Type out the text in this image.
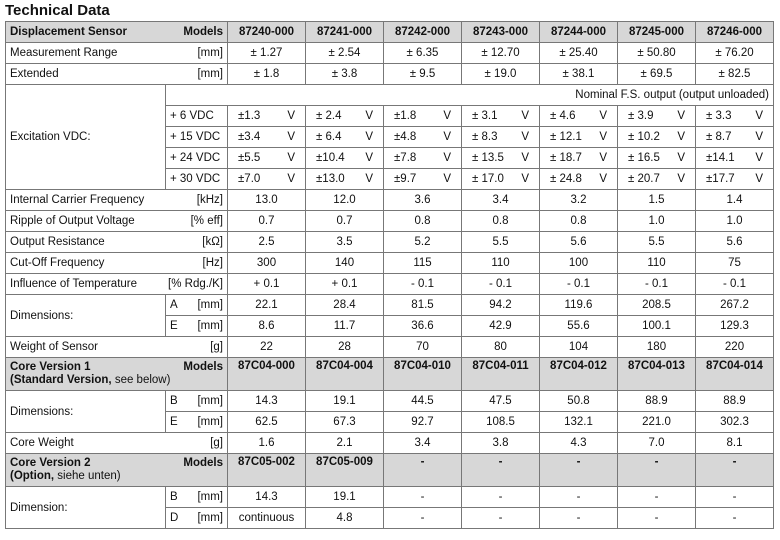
Technical Data
Displacement Sensor Models		87240-000	87241-000	87242-000	87243-000	87244-000	87245-000	87246-000

Measurement Range [mm]		± 1.27	± 2.54	± 6.35	± 12.70	± 25.40	± 50.80	± 76.20

Extended [mm]		± 1.8	± 3.8	± 9.5	± 19.0	± 38.1	± 69.5	± 82.5
Excitation VDC:	Nominal F.S. output (output unloaded)							
	+ 6 VDC	±1.3 V	± 2.4 V	±1.8 V	± 3.1 V	± 4.6 V	± 3.9 V	± 3.3 V

	+ 15 VDC	±3.4 V	± 6.4 V	±4.8 V	± 8.3 V	± 12.1 V	± 10.2 V	± 8.7 V

	+ 24 VDC	±5.5 V	±10.4 V	±7.8 V	± 13.5 V	± 18.7 V	± 16.5 V	±14.1 V

	+ 30 VDC	±7.0 V	±13.0 V	±9.7 V	± 17.0 V	± 24.8 V	± 20.7 V	±17.7 V

Internal Carrier Frequency [kHz]		13.0	12.0	3.6	3.4	3.2	1.5	1.4

Ripple of Output Voltage [% eff]		0.7	0.7	0.8	0.8	0.8	1.0	1.0

Output Resistance [kΩ]		2.5	3.5	5.2	5.5	5.6	5.5	5.6

Cut-Off Frequency [Hz]		300	140	115	110	100	110	75

Influence of Temperature [% Rdg./K]		+ 0.1	+ 0.1	- 0.1	- 0.1	- 0.1	- 0.1	- 0.1
Dimensions:	A [mm]	22.1	28.4	81.5	94.2	119.6	208.5	267.2

	E [mm]	8.6	11.7	36.6	42.9	55.6	100.1	129.3

Weight of Sensor [g]		22	28	70	80	104	180	220

Core Version 1
(Standard Version, see below)
Models		87C04-000	87C04-004	87C04-010	87C04-011	87C04-012	87C04-013	87C04-014
Dimensions:	B [mm]	14.3	19.1	44.5	47.5	50.8	88.9	88.9

	E [mm]	62.5	67.3	92.7	108.5	132.1	221.0	302.3

Core Weight [g]		1.6	2.1	3.4	3.8	4.3	7.0	8.1

Core Version 2
(Option, siehe unten)
Models		87C05-002	87C05-009	-	-	-	-	-
Dimension:	B [mm]	14.3	19.1	-	-	-	-	-

	D [mm]	continuous	4.8	-	-	-	-	-
